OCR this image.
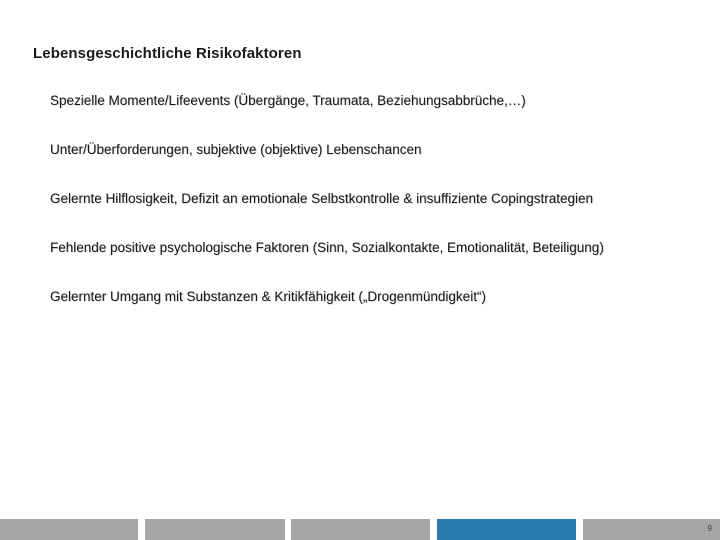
Lebensgeschichtliche Risikofaktoren
Spezielle Momente/Lifeevents (Übergänge, Traumata, Beziehungsabbrüche,…)
Unter/Überforderungen, subjektive (objektive) Lebenschancen
Gelernte Hilflosigkeit, Defizit an emotionale Selbstkontrolle & insuffiziente Copingstrategien
Fehlende positive psychologische Faktoren (Sinn, Sozialkontakte, Emotionalität, Beteiligung)
Gelernter Umgang mit Substanzen & Kritikfähigkeit („Drogenmündigkeit“)
9
